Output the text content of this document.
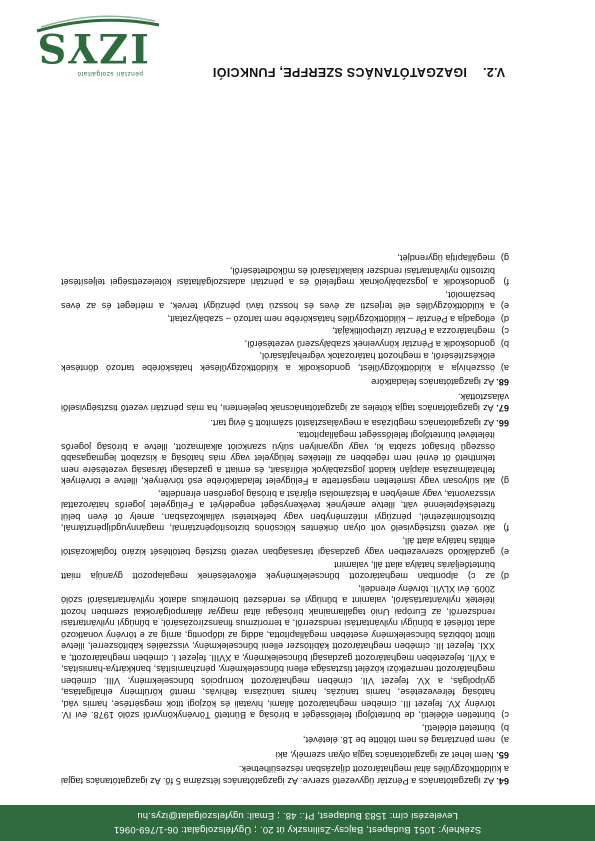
Székhely: 1051 Budapest, Bajcsy-Zsilinszky út 20. ; Ügyfélszolgálat: 06-1/769-0961
Levelezési cím: 1583 Budapest, Pf.: 48. ; Email: ugyfelszolgalat@izys.hu
IZYS
pénztári szolgáltató	V.2. IGAZGATÓTANÁCS SZERFPE, FUNKCIÓI

64. Az igazgatótanács a Pénztár ügyvezető szerve. Az igazgatótanács létszáma 5 fő. Az igazgatótanács tagjai a küldöttközgyűlés által meghatározott díjazásban részesülhetnek.

65. Nem lehet az igazgatótanács tagja olyan személy, aki

a)
nem pénztártag és nem töltötte be 18. életévét,
b)
büntetett előéletű,
c)
büntetlen előéletű, de büntetőjogi felelősségét a bíróság a Büntető Törvénykönyvről szóló 1978. évi IV. törvény XV. fejezet III. címében meghatározott állami, hivatali és közjogi titok megsértése, hamis vád, hatóság félrevezetése, hamis tanúzás, hamis tanúzásra felhívás, mentő körülmény elhallgatása, gyúpolgás, a XV. fejezet VII. címében meghatározott korrupciós bűncselekmény, VIII. címében meghatározott nemzetközi közélet tisztasága elleni bűncselekmény, pénzhamisítás, bankkártya-hamisítás, a XVII. fejezetében meghatározott gazdasági bűncselekmény, a XVIII. fejezet I. címében meghatározott, a XXI. fejezet III. címében meghatározott kábítószer elleni bűncselekmény, visszaélés kábítószerrel, illetve tiltott lobbizás bűncselekmény esetében megállapította, addig az időpontig, amíg az e törvény vonatkozó adat törlését a bűnügyi nyilvántartási rendszerről, a terrorizmus finanszírozásáról, a bűnügyi nyilvántartási rendszerről, az Európai Unió tagállamainak bíróságai által magyar állampolgárokkal szemben hozott ítéletek nyilvántartásáról, valamint a bűnügyi és rendészeti biometrikus adatok nyilvántartásáról szóló 2009. évi XLVII. törvény elrendeli,
d)
az c) alpontban meghatározott bűncselekmények elkövetésének megalapozott gyanúja miatt büntetőeljárás hatálya alatt áll, valamint
e)
gazdálkodó szervezetben vagy gazdasági társaságban vezető tisztség betöltését kizáró foglalkozástól eltiltás hatálya alatt áll,
f)
aki vezető tisztségviselő volt olyan önkéntes kölcsönös biztosítópénztárnál, magánnyugdíjpénztárnál, biztosítóintézetnél, pénzügyi intézményben vagy befektetési vállalkozásban, amely öt éven belül fizetésképtelenné vált, illetve amelynek tevékenységét engedélyét a Felügyelet jogerős határozattal visszavonta, vagy amelyben a felszámolási eljárást a bíróság jogerősen elrendelte,
g)
aki súlyosan vagy ismételten megsértette a Felügyelet feladatkörébe eső törvények, illetve e törvények felhatalmazása alapján kiadott jogszabályok előírásait, és emiatt a gazdasági társaság vezetésére nem tekinthető öt évnél nem régebben az illetékes felügyelet vagy más hatóság a kiszabott legmagasabb összegű bírságot szabta ki, vagy ugyanilyen súlyú szankciót alkalmazott, illetve a bíróság jogerős ítéletével büntetőjogi felelősséget megállapította.

66. Az igazgatótanács megbízása a megválasztástól számított 5 évig tart.

67. Az igazgatótanács tagja köteles az igazgatótanácsnak bejelenteni, ha más pénztári vezető tisztségviselői választották.

68. Az igazgatótanács feladatköre

a)
összehívja a küldöttközgyűlést, gondoskodik a küldöttközgyűlések hatáskörébe tartozó döntések előkészítéséről, a meghozott határozatok végrehajtásáról,
b)
gondoskodik a Pénztár könyveinek szabályszerű vezetéséről,
c)
meghatározza a Pénztár üzletpolitikáját,
d)
elfogadja a Pénztár – küldöttközgyűlés hatáskörébe nem tartozó – szabályzatait,
e)
a küldöttközgyűlés elé terjeszti az éves és hosszú távú pénzügyi tervek, a mérleget és az éves beszámolót,
f)
gondoskodik a jogszabályoknak megfelelő és a pénztári adatszolgáltatási kötelezettségei teljesítését biztosító nyilvántartási rendszer kialakításáról és működtetéséről,
g)
megállapítja ügyrendjét,
